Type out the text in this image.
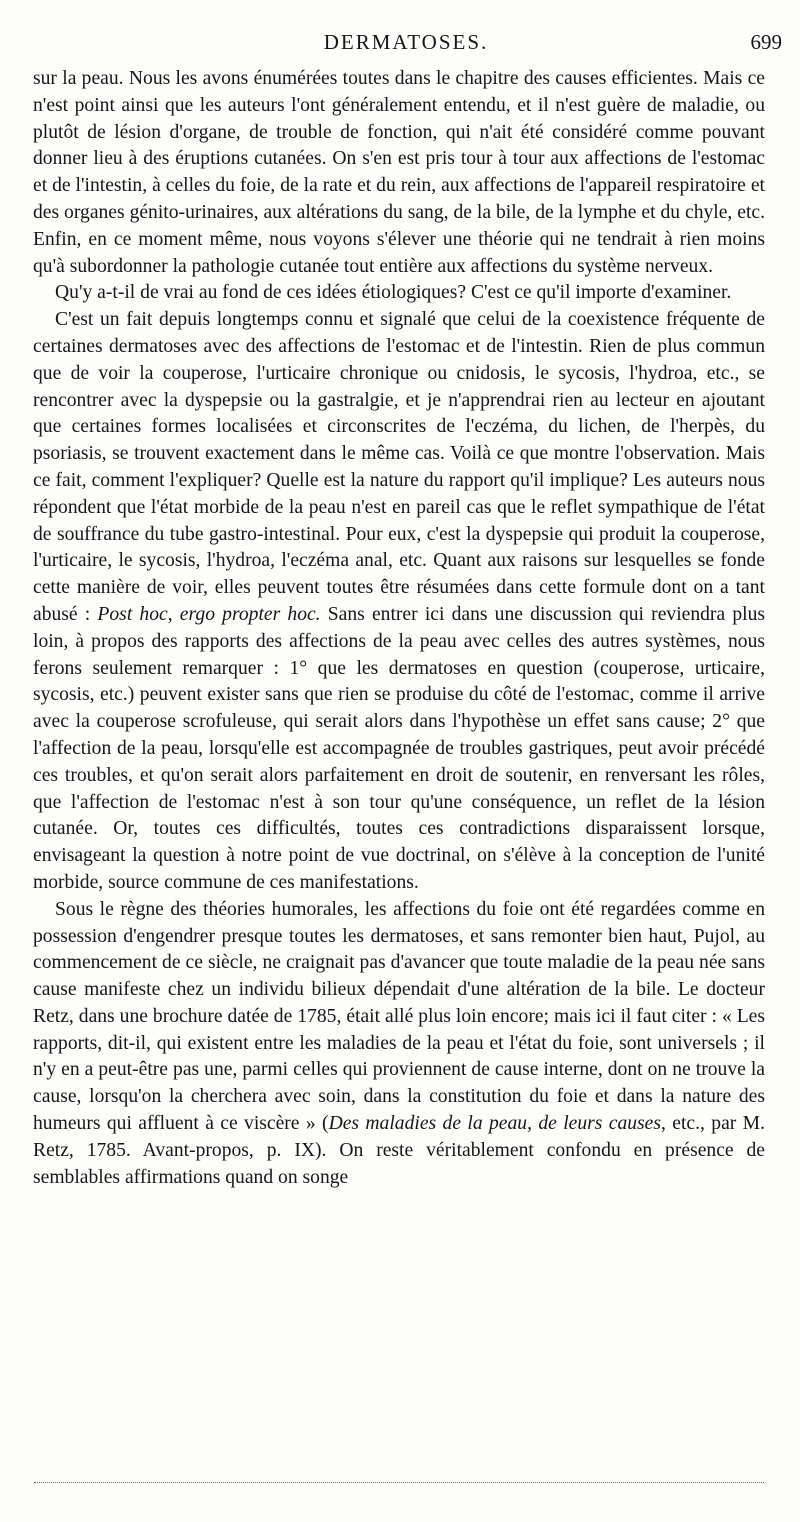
DERMATOSES.	699

sur la peau. Nous les avons énumérées toutes dans le chapitre des causes efficientes. Mais ce n'est point ainsi que les auteurs l'ont généralement entendu, et il n'est guère de maladie, ou plutôt de lésion d'organe, de trouble de fonction, qui n'ait été considéré comme pouvant donner lieu à des éruptions cutanées. On s'en est pris tour à tour aux affections de l'estomac et de l'intestin, à celles du foie, de la rate et du rein, aux affections de l'appareil respiratoire et des organes génito-urinaires, aux altérations du sang, de la bile, de la lymphe et du chyle, etc. Enfin, en ce moment même, nous voyons s'élever une théorie qui ne tendrait à rien moins qu'à subordonner la pathologie cutanée tout entière aux affections du système nerveux.

Qu'y a-t-il de vrai au fond de ces idées étiologiques? C'est ce qu'il importe d'examiner.

C'est un fait depuis longtemps connu et signalé que celui de la coexistence fréquente de certaines dermatoses avec des affections de l'estomac et de l'intestin. Rien de plus commun que de voir la couperose, l'urticaire chronique ou cnidosis, le sycosis, l'hydroa, etc., se rencontrer avec la dyspepsie ou la gastralgie, et je n'apprendrai rien au lecteur en ajoutant que certaines formes localisées et circonscrites de l'eczéma, du lichen, de l'herpès, du psoriasis, se trouvent exactement dans le même cas. Voilà ce que montre l'observation. Mais ce fait, comment l'expliquer? Quelle est la nature du rapport qu'il implique? Les auteurs nous répondent que l'état morbide de la peau n'est en pareil cas que le reflet sympathique de l'état de souffrance du tube gastro-intestinal. Pour eux, c'est la dyspepsie qui produit la couperose, l'urticaire, le sycosis, l'hydroa, l'eczéma anal, etc. Quant aux raisons sur lesquelles se fonde cette manière de voir, elles peuvent toutes être résumées dans cette formule dont on a tant abusé : Post hoc, ergo propter hoc. Sans entrer ici dans une discussion qui reviendra plus loin, à propos des rapports des affections de la peau avec celles des autres systèmes, nous ferons seulement remarquer : 1° que les dermatoses en question (couperose, urticaire, sycosis, etc.) peuvent exister sans que rien se produise du côté de l'estomac, comme il arrive avec la couperose scrofuleuse, qui serait alors dans l'hypothèse un effet sans cause; 2° que l'affection de la peau, lorsqu'elle est accompagnée de troubles gastriques, peut avoir précédé ces troubles, et qu'on serait alors parfaitement en droit de soutenir, en renversant les rôles, que l'affection de l'estomac n'est à son tour qu'une conséquence, un reflet de la lésion cutanée. Or, toutes ces difficultés, toutes ces contradictions disparaissent lorsque, envisageant la question à notre point de vue doctrinal, on s'élève à la conception de l'unité morbide, source commune de ces manifestations.

Sous le règne des théories humorales, les affections du foie ont été regardées comme en possession d'engendrer presque toutes les dermatoses, et sans remonter bien haut, Pujol, au commencement de ce siècle, ne craignait pas d'avancer que toute maladie de la peau née sans cause manifeste chez un individu bilieux dépendait d'une altération de la bile. Le docteur Retz, dans une brochure datée de 1785, était allé plus loin encore; mais ici il faut citer : « Les rapports, dit-il, qui existent entre les maladies de la peau et l'état du foie, sont universels ; il n'y en a peut-être pas une, parmi celles qui proviennent de cause interne, dont on ne trouve la cause, lorsqu'on la cherchera avec soin, dans la constitution du foie et dans la nature des humeurs qui affluent à ce viscère » (Des maladies de la peau, de leurs causes, etc., par M. Retz, 1785. Avant-propos, p. IX). On reste véritablement confondu en présence de semblables affirmations quand on songe
